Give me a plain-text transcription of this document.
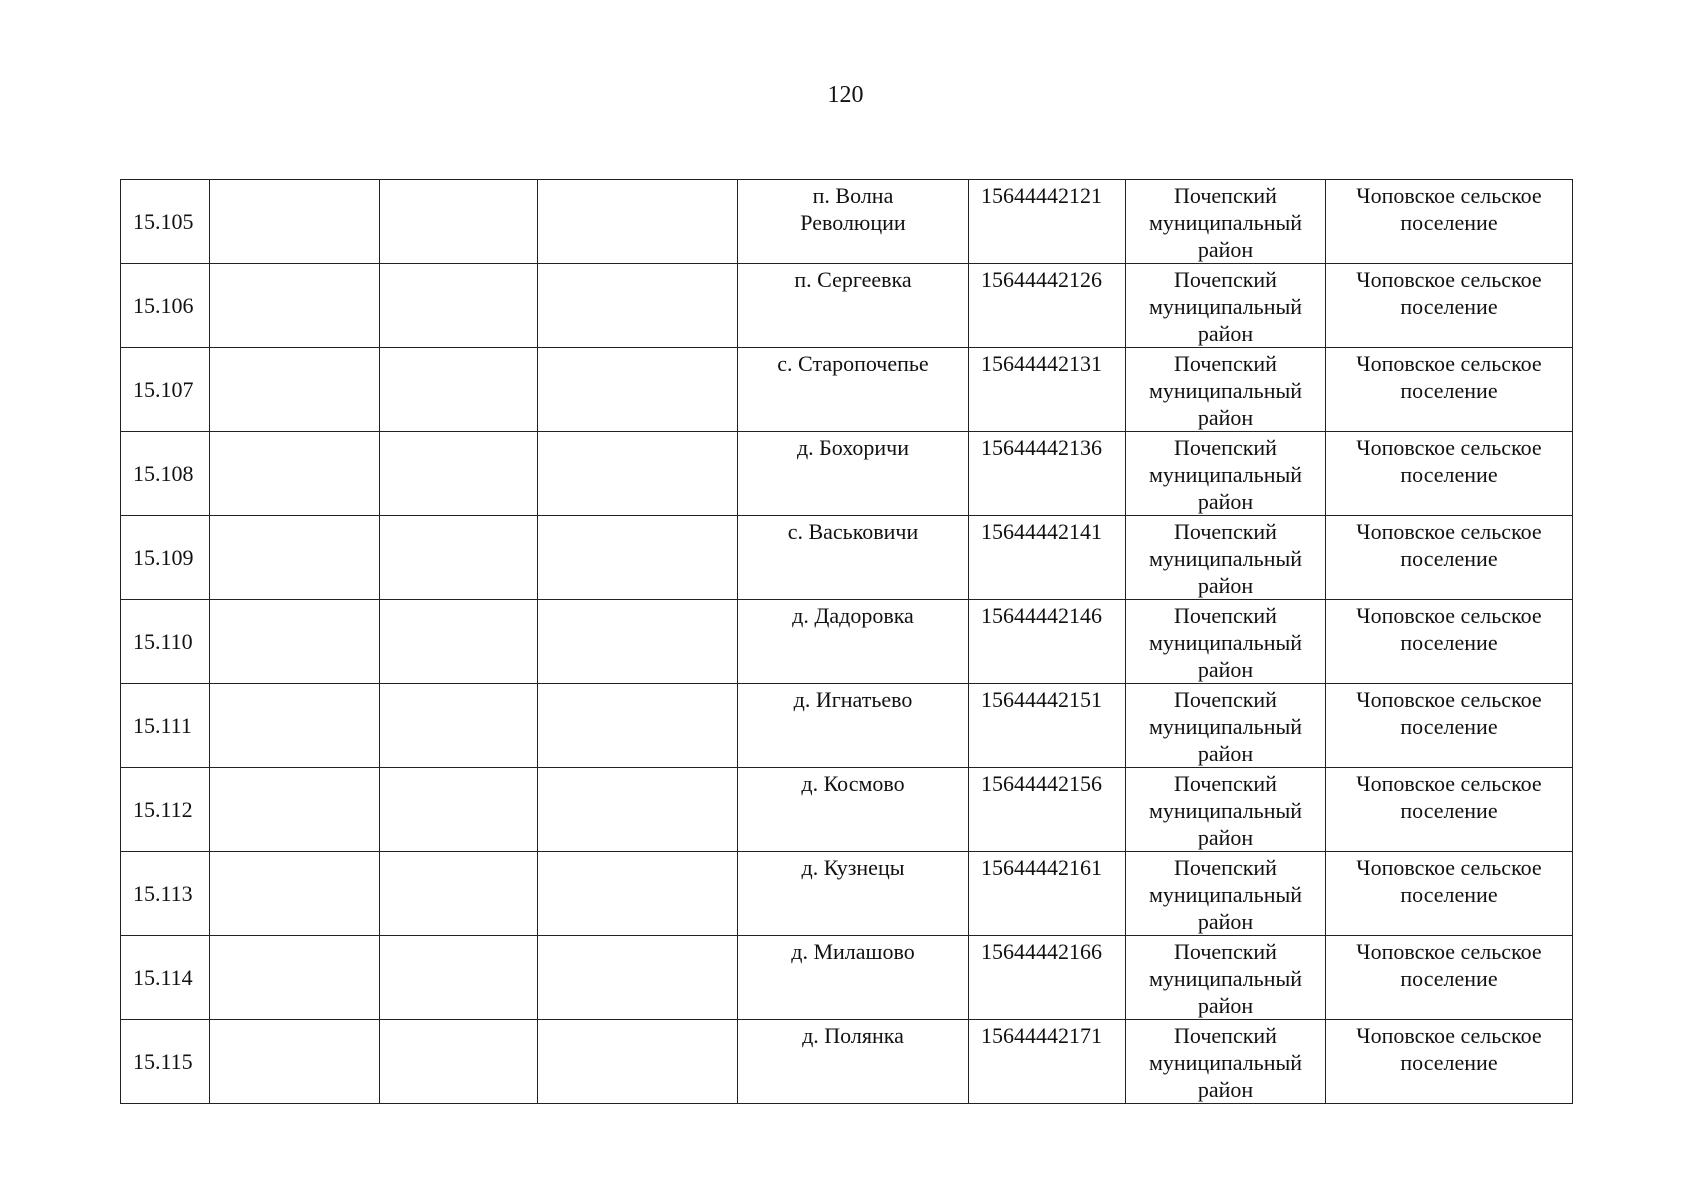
120
15.105				п. Волна
Революции	15644442121	Почепский
муниципальный
район	Чоповское сельское
поселение

15.106				п. Сергеевка	15644442126	Почепский
муниципальный
район	Чоповское сельское
поселение

15.107				с. Старопочепье	15644442131	Почепский
муниципальный
район	Чоповское сельское
поселение

15.108				д. Бохоричи	15644442136	Почепский
муниципальный
район	Чоповское сельское
поселение

15.109				с. Васьковичи	15644442141	Почепский
муниципальный
район	Чоповское сельское
поселение

15.110				д. Дадоровка	15644442146	Почепский
муниципальный
район	Чоповское сельское
поселение

15.111				д. Игнатьево	15644442151	Почепский
муниципальный
район	Чоповское сельское
поселение

15.112				д. Космово	15644442156	Почепский
муниципальный
район	Чоповское сельское
поселение

15.113				д. Кузнецы	15644442161	Почепский
муниципальный
район	Чоповское сельское
поселение

15.114				д. Милашово	15644442166	Почепский
муниципальный
район	Чоповское сельское
поселение

15.115				д. Полянка	15644442171	Почепский
муниципальный
район	Чоповское сельское
поселение
